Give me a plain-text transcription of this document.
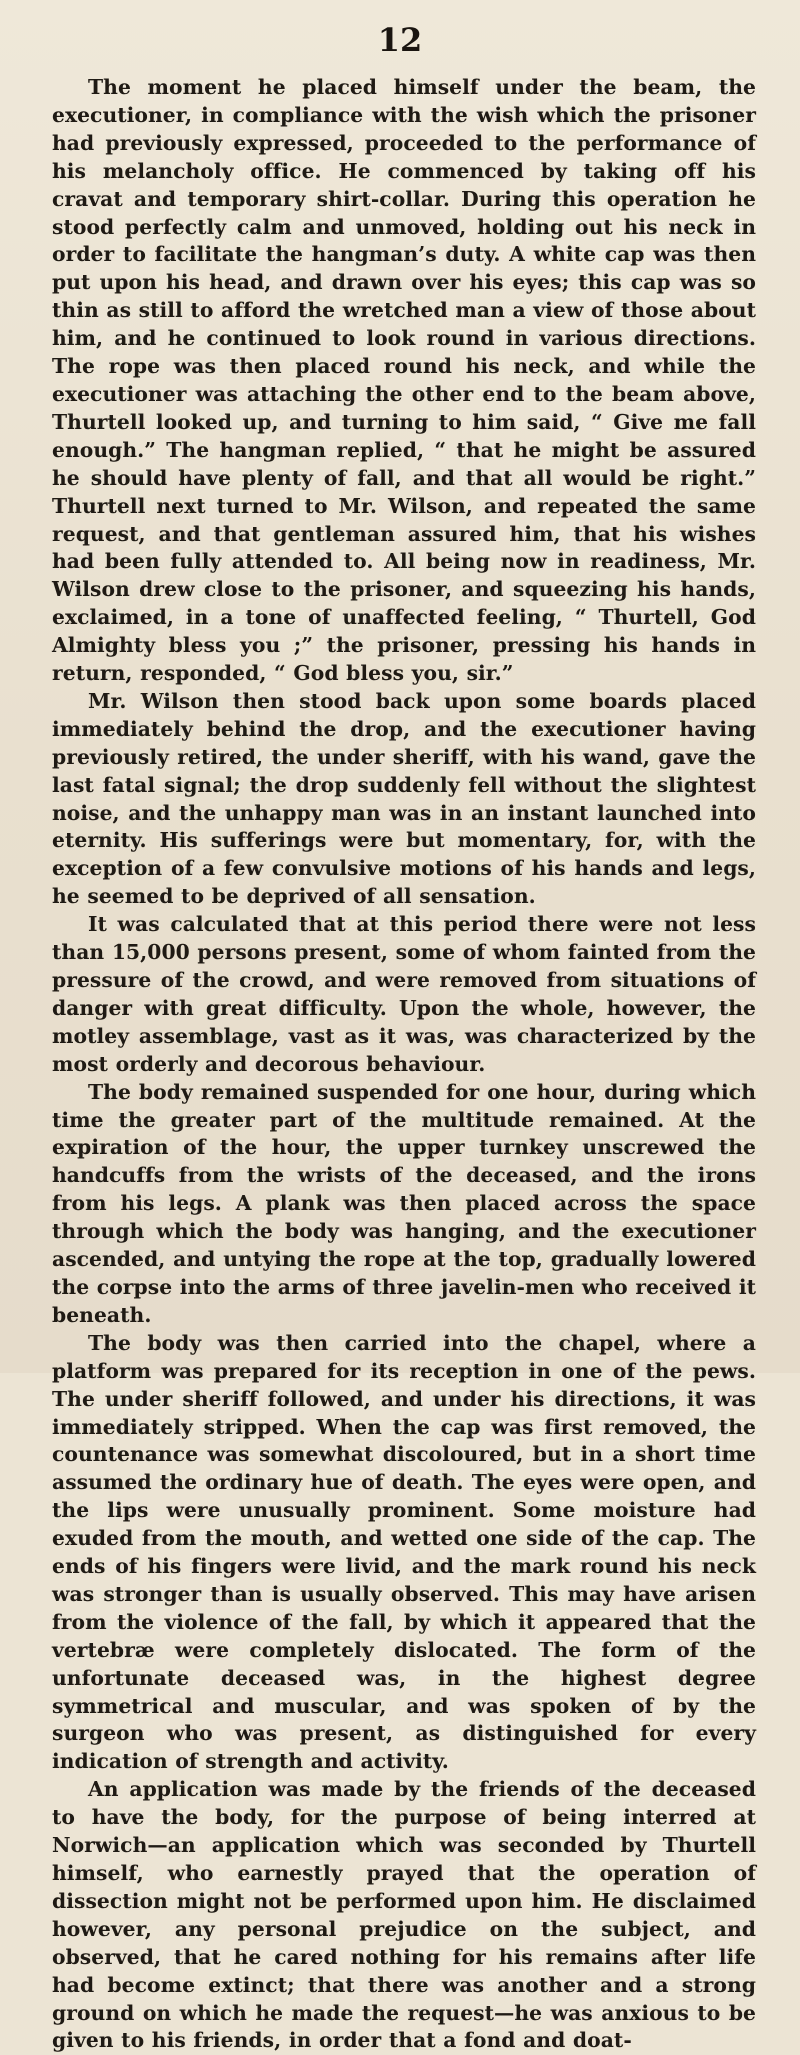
12

The moment he placed himself under the beam, the executioner, in compliance with the wish which the prisoner had previously expressed, proceeded to the performance of his melancholy office. He commenced by taking off his cravat and temporary shirt-collar. During this operation he stood perfectly calm and unmoved, holding out his neck in order to facilitate the hangman’s duty. A white cap was then put upon his head, and drawn over his eyes; this cap was so thin as still to afford the wretched man a view of those about him, and he continued to look round in various directions. The rope was then placed round his neck, and while the executioner was attaching the other end to the beam above, Thurtell looked up, and turning to him said, “ Give me fall enough.” The hangman replied, “ that he might be assured he should have plenty of fall, and that all would be right.” Thurtell next turned to Mr. Wilson, and repeated the same request, and that gentleman assured him, that his wishes had been fully attended to. All being now in readiness, Mr. Wilson drew close to the prisoner, and squeezing his hands, exclaimed, in a tone of unaffected feeling, “ Thurtell, God Almighty bless you ;” the prisoner, pressing his hands in return, responded, “ God bless you, sir.”

Mr. Wilson then stood back upon some boards placed immediately behind the drop, and the executioner having previously retired, the under sheriff, with his wand, gave the last fatal signal; the drop suddenly fell without the slightest noise, and the unhappy man was in an instant launched into eternity. His sufferings were but momentary, for, with the exception of a few convulsive motions of his hands and legs, he seemed to be deprived of all sensation.

It was calculated that at this period there were not less than 15,000 persons present, some of whom fainted from the pressure of the crowd, and were removed from situations of danger with great difficulty. Upon the whole, however, the motley assemblage, vast as it was, was characterized by the most orderly and decorous behaviour.

The body remained suspended for one hour, during which time the greater part of the multitude remained. At the expiration of the hour, the upper turnkey unscrewed the handcuffs from the wrists of the deceased, and the irons from his legs. A plank was then placed across the space through which the body was hanging, and the executioner ascended, and untying the rope at the top, gradually lowered the corpse into the arms of three javelin-men who received it beneath.

The body was then carried into the chapel, where a platform was prepared for its reception in one of the pews. The under sheriff followed, and under his directions, it was immediately stripped. When the cap was first removed, the countenance was somewhat discoloured, but in a short time assumed the ordinary hue of death. The eyes were open, and the lips were unusually prominent. Some moisture had exuded from the mouth, and wetted one side of the cap. The ends of his fingers were livid, and the mark round his neck was stronger than is usually observed. This may have arisen from the violence of the fall, by which it appeared that the vertebræ were completely dislocated. The form of the unfortunate deceased was, in the highest degree symmetrical and muscular, and was spoken of by the surgeon who was present, as distinguished for every indication of strength and activity.

An application was made by the friends of the deceased to have the body, for the purpose of being interred at Norwich—an application which was seconded by Thurtell himself, who earnestly prayed that the operation of dissection might not be performed upon him. He disclaimed however, any personal prejudice on the subject, and observed, that he cared nothing for his remains after life had become extinct; that there was another and a strong ground on which he made the request—he was anxious to be given to his friends, in order that a fond and doat-
